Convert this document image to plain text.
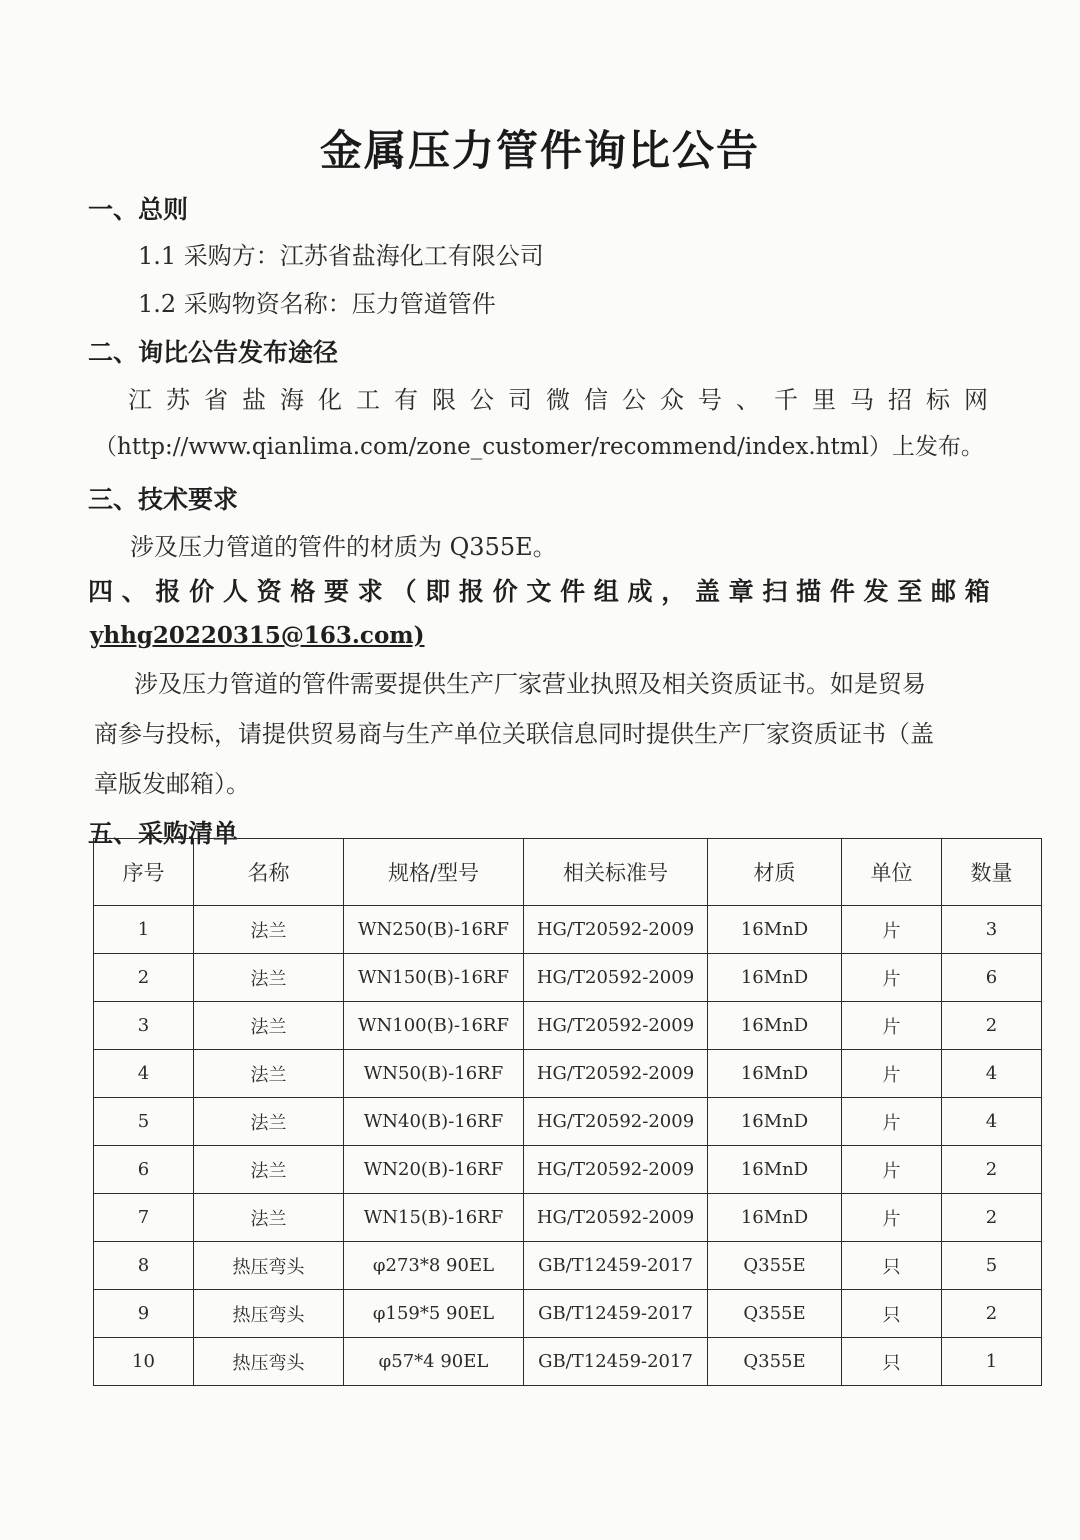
金属压力管件询比公告
一、总则
1.1 采购方：江苏省盐海化工有限公司
1.2 采购物资名称：压力管道管件
二、询比公告发布途径
江 苏 省 盐 海 化 工 有 限 公 司 微 信 公 众 号 、 千 里 马 招 标 网
（http://www.qianlima.com/zone_customer/recommend/index.html）上发布。
三、技术要求
涉及压力管道的管件的材质为 Q355E。
四 、 报 价 人 资 格 要 求 （ 即 报 价 文 件 组 成 ， 盖 章 扫 描 件 发 至 邮 箱
yhhg20220315@163.com)
涉及压力管道的管件需要提供生产厂家营业执照及相关资质证书。如是贸易
商参与投标，请提供贸易商与生产单位关联信息同时提供生产厂家资质证书（盖
章版发邮箱）。
五、采购清单
序号	名称	规格/型号	相关标准号	材质	单位	数量
1	法兰	WN250(B)-16RF	HG/T20592-2009	16MnD	片	3
2	法兰	WN150(B)-16RF	HG/T20592-2009	16MnD	片	6
3	法兰	WN100(B)-16RF	HG/T20592-2009	16MnD	片	2
4	法兰	WN50(B)-16RF	HG/T20592-2009	16MnD	片	4
5	法兰	WN40(B)-16RF	HG/T20592-2009	16MnD	片	4
6	法兰	WN20(B)-16RF	HG/T20592-2009	16MnD	片	2
7	法兰	WN15(B)-16RF	HG/T20592-2009	16MnD	片	2
8	热压弯头	φ273*8 90EL	GB/T12459-2017	Q355E	只	5
9	热压弯头	φ159*5 90EL	GB/T12459-2017	Q355E	只	2
10	热压弯头	φ57*4 90EL	GB/T12459-2017	Q355E	只	1
